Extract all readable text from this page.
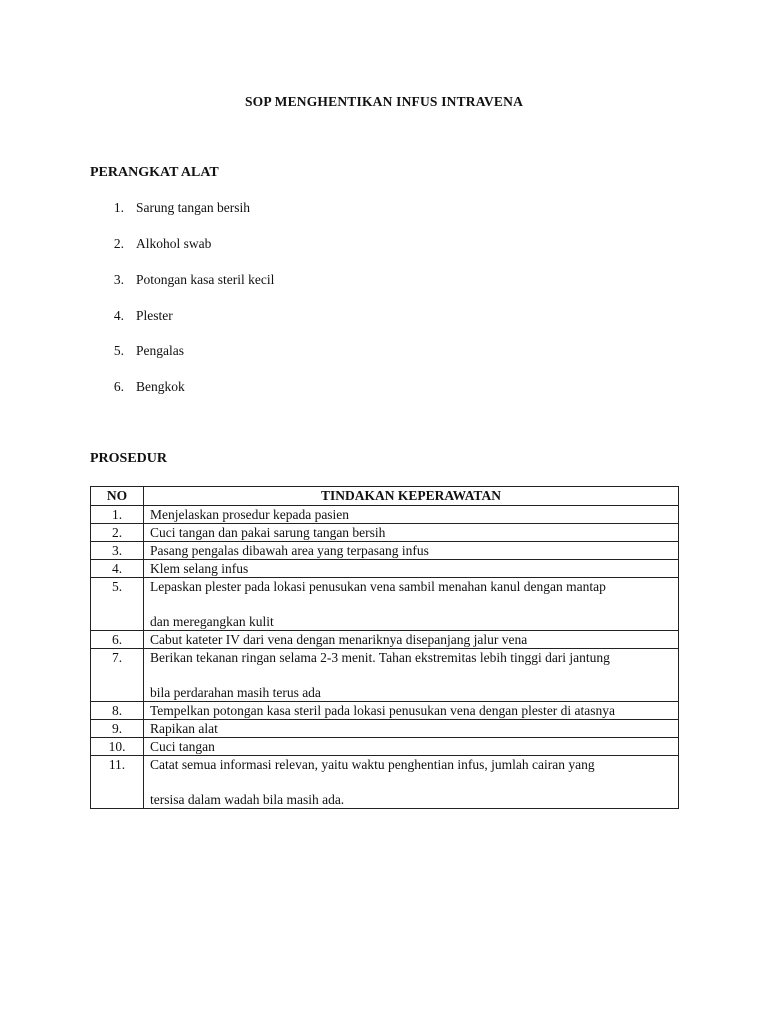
SOP MENGHENTIKAN INFUS INTRAVENA
PERANGKAT ALAT
1. Sarung tangan bersih
2. Alkohol swab
3. Potongan kasa steril kecil
4. Plester
5. Pengalas
6. Bengkok
PROSEDUR
NO	TINDAKAN KEPERAWATAN
1.	Menjelaskan prosedur kepada pasien
2.	Cuci tangan dan pakai sarung tangan bersih
3.	Pasang pengalas dibawah area yang terpasang infus
4.	Klem selang infus
5.	Lepaskan plester pada lokasi penusukan vena sambil menahan kanul dengan mantap
dan meregangkan kulit

6.	Cabut kateter IV dari vena dengan menariknya disepanjang jalur vena
7.	Berikan tekanan ringan selama 2-3 menit. Tahan ekstremitas lebih tinggi dari jantung
bila perdarahan masih terus ada

8.	Tempelkan potongan kasa steril pada lokasi penusukan vena dengan plester di atasnya
9.	Rapikan alat
10.	Cuci tangan
11.	Catat semua informasi relevan, yaitu waktu penghentian infus, jumlah cairan yang
tersisa dalam wadah bila masih ada.
